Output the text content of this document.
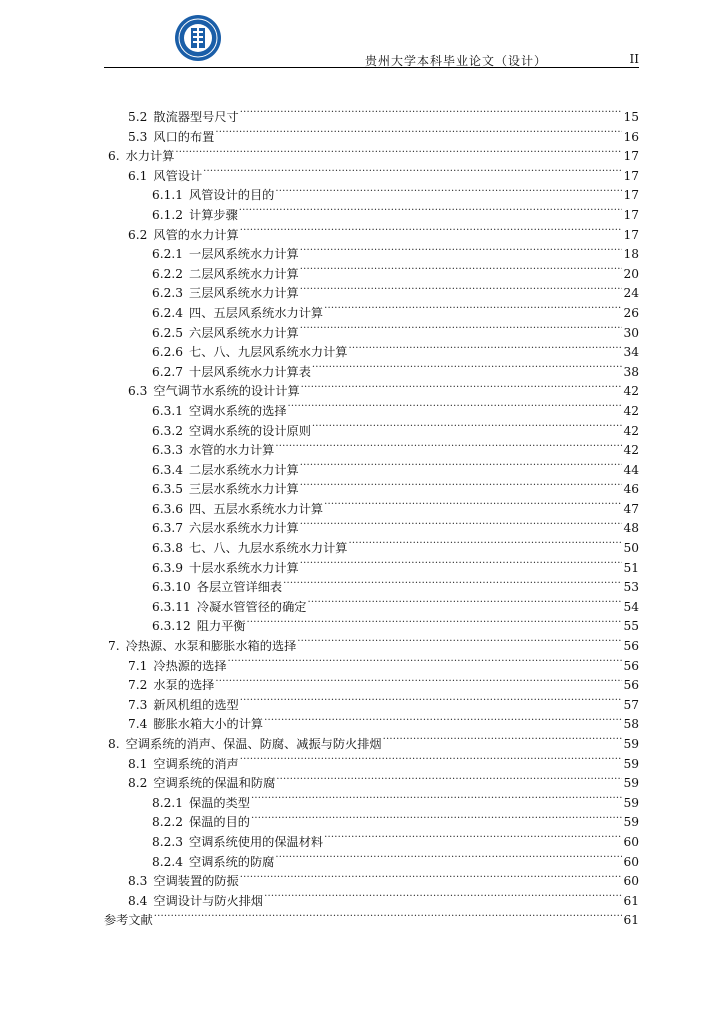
贵州大学本科毕业论文（设计）	II
5.2 散流器型号尺寸 .....	15
5.3 风口的布置 .....	16
6. 水力计算 .....	17
6.1 风管设计 .....	17
6.1.1 风管设计的目的 .....	17
6.1.2 计算步骤 .....	17
6.2 风管的水力计算 .....	17
6.2.1 一层风系统水力计算 .....	18
6.2.2 二层风系统水力计算 .....	20
6.2.3 三层风系统水力计算 .....	24
6.2.4 四、五层风系统水力计算 .....	26
6.2.5 六层风系统水力计算 .....	30
6.2.6 七、八、九层风系统水力计算 .....	34
6.2.7 十层风系统水力计算表 .....	38
6.3 空气调节水系统的设计计算 .....	42
6.3.1 空调水系统的选择 .....	42
6.3.2 空调水系统的设计原则 .....	42
6.3.3 水管的水力计算 .....	42
6.3.4 二层水系统水力计算 .....	44
6.3.5 三层水系统水力计算 .....	46
6.3.6 四、五层水系统水力计算 .....	47
6.3.7 六层水系统水力计算 .....	48
6.3.8 七、八、九层水系统水力计算 .....	50
6.3.9 十层水系统水力计算 .....	51
6.3.10 各层立管详细表 .....	53
6.3.11 冷凝水管管径的确定 .....	54
6.3.12 阻力平衡 .....	55
7. 冷热源、水泵和膨胀水箱的选择 .....	56
7.1 冷热源的选择 .....	56
7.2 水泵的选择 .....	56
7.3 新风机组的选型 .....	57
7.4 膨胀水箱大小的计算 .....	58
8. 空调系统的消声、保温、防腐、减振与防火排烟 .....	59
8.1 空调系统的消声 .....	59
8.2 空调系统的保温和防腐 .....	59
8.2.1 保温的类型 .....	59
8.2.2 保温的目的 .....	59
8.2.3 空调系统使用的保温材料 .....	60
8.2.4 空调系统的防腐 .....	60
8.3 空调装置的防振 .....	60
8.4 空调设计与防火排烟 .....	61
参考文献 .....	61
